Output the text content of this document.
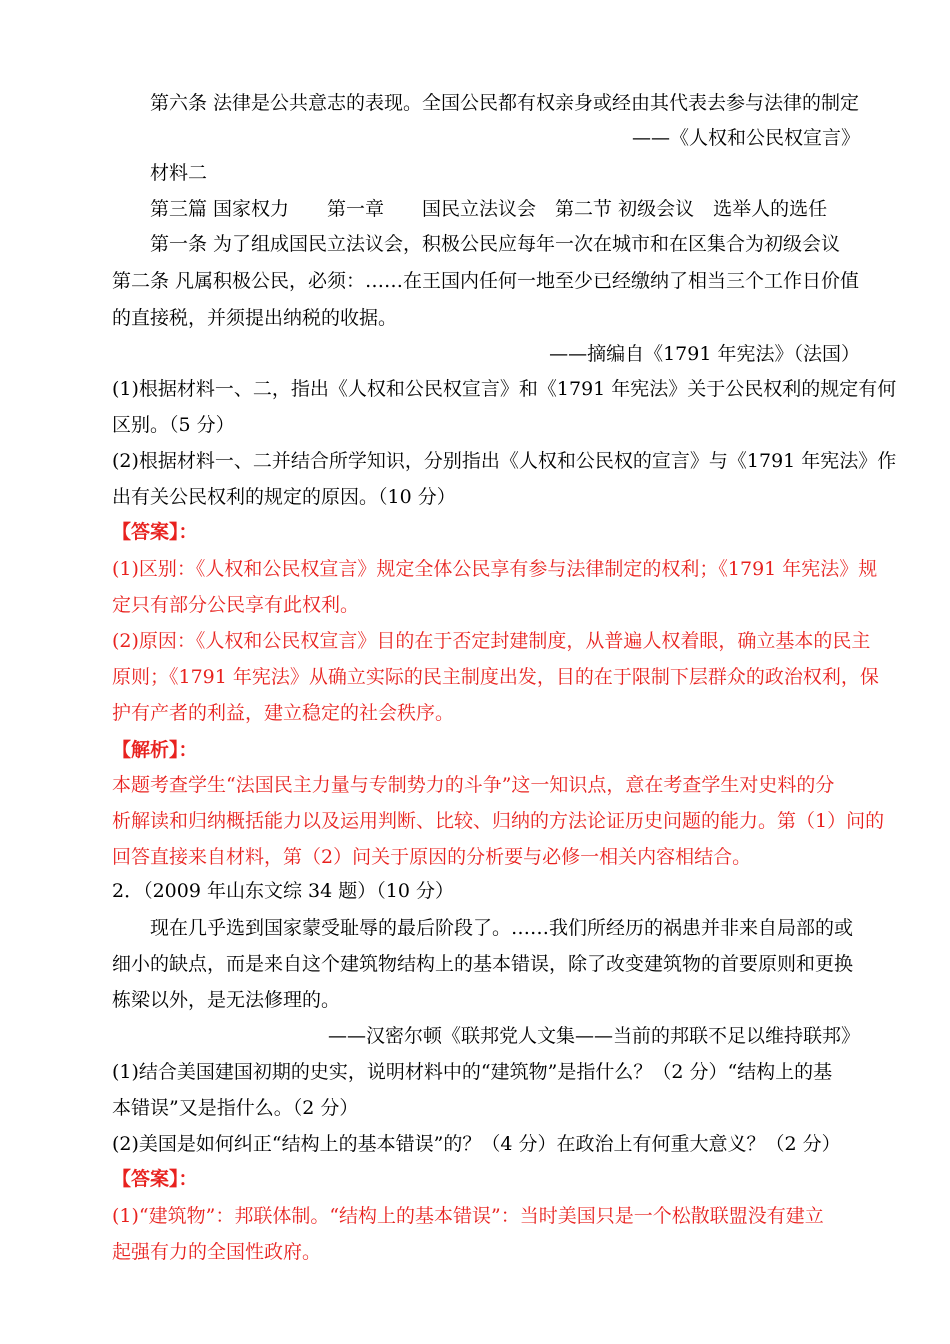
第六条 法律是公共意志的表现。全国公民都有权亲身或经由其代表去参与法律的制定
——《人权和公民权宣言》
材料二
第三篇 国家权力　　第一章　　国民立法议会　第二节 初级会议　选举人的选任
第一条 为了组成国民立法议会，积极公民应每年一次在城市和在区集合为初级会议
第二条 凡属积极公民，必须：……在王国内任何一地至少已经缴纳了相当三个工作日价值
的直接税，并须提出纳税的收据。
——摘编自《1791 年宪法》（法国）
(1)根据材料一、二，指出《人权和公民权宣言》和《1791 年宪法》关于公民权利的规定有何
区别。（5 分）
(2)根据材料一、二并结合所学知识，分别指出《人权和公民权的宣言》与《1791 年宪法》作
出有关公民权利的规定的原因。（10 分）
【答案】：
(1)区别：《人权和公民权宣言》规定全体公民享有参与法律制定的权利；《1791 年宪法》规
定只有部分公民享有此权利。
(2)原因：《人权和公民权宣言》目的在于否定封建制度，从普遍人权着眼，确立基本的民主
原则；《1791 年宪法》从确立实际的民主制度出发，目的在于限制下层群众的政治权利，保
护有产者的利益，建立稳定的社会秩序。
【解析】：
本题考查学生“法国民主力量与专制势力的斗争”这一知识点，意在考查学生对史料的分
析解读和归纳概括能力以及运用判断、比较、归纳的方法论证历史问题的能力。第（1）问的
回答直接来自材料，第（2）问关于原因的分析要与必修一相关内容相结合。
2．（2009 年山东文综 34 题）（10 分）
现在几乎选到国家蒙受耻辱的最后阶段了。……我们所经历的祸患并非来自局部的或
细小的缺点，而是来自这个建筑物结构上的基本错误，除了改变建筑物的首要原则和更换
栋梁以外，是无法修理的。
——汉密尔顿《联邦党人文集——当前的邦联不足以维持联邦》
(1)结合美国建国初期的史实，说明材料中的“建筑物”是指什么？（2 分）“结构上的基
本错误”又是指什么。（2 分）
(2)美国是如何纠正“结构上的基本错误”的？（4 分）在政治上有何重大意义？（2 分）
【答案】：
(1)“建筑物”：邦联体制。“结构上的基本错误”：当时美国只是一个松散联盟没有建立
起强有力的全国性政府。
